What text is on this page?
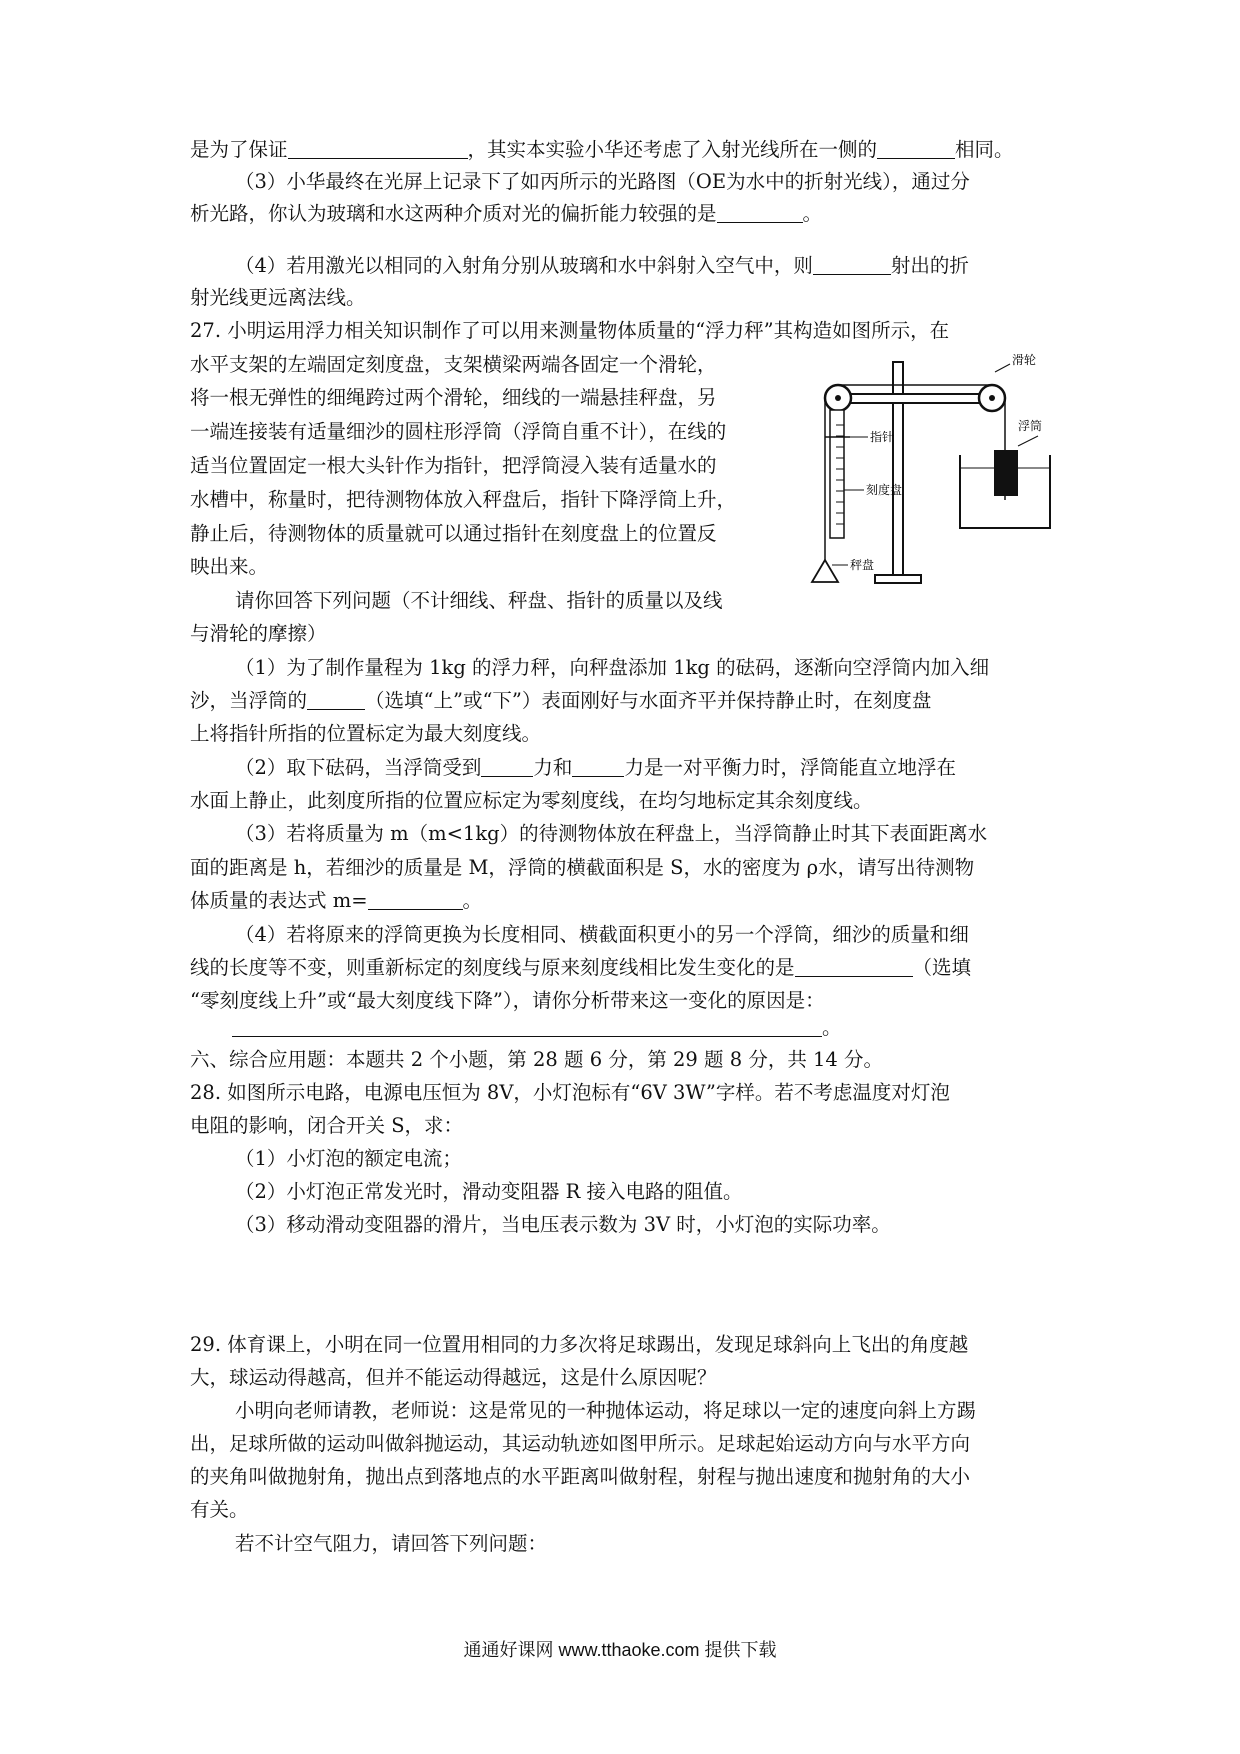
是为了保证	，其实本实验小华还考虑了入射光线所在一侧的	相同。
（3）小华最终在光屏上记录下了如丙所示的光路图（OE为水中的折射光线），通过分
析光路，你认为玻璃和水这两种介质对光的偏折能力较强的是	。
（4）若用激光以相同的入射角分别从玻璃和水中斜射入空气中，则	射出的折
射光线更远离法线。
27. 小明运用浮力相关知识制作了可以用来测量物体质量的“浮力秤”其构造如图所示，在
水平支架的左端固定刻度盘，支架横梁两端各固定一个滑轮，
将一根无弹性的细绳跨过两个滑轮，细线的一端悬挂秤盘，另
一端连接装有适量细沙的圆柱形浮筒（浮筒自重不计），在线的
适当位置固定一根大头针作为指针，把浮筒浸入装有适量水的
水槽中，称量时，把待测物体放入秤盘后，指针下降浮筒上升，
静止后，待测物体的质量就可以通过指针在刻度盘上的位置反
映出来。
请你回答下列问题（不计细线、秤盘、指针的质量以及线
与滑轮的摩擦）
滑轮
指针
刻度盘
秤盘
浮筒
（1）为了制作量程为 1kg 的浮力秤，向秤盘添加 1kg 的砝码，逐渐向空浮筒内加入细
沙，当浮筒的	（选填“上”或“下”）表面刚好与水面齐平并保持静止时，在刻度盘
上将指针所指的位置标定为最大刻度线。
（2）取下砝码，当浮筒受到	力和	力是一对平衡力时，浮筒能直立地浮在
水面上静止，此刻度所指的位置应标定为零刻度线，在均匀地标定其余刻度线。
（3）若将质量为 m（m<1kg）的待测物体放在秤盘上，当浮筒静止时其下表面距离水
面的距离是 h，若细沙的质量是 M，浮筒的横截面积是 S，水的密度为 ρ水，请写出待测物
体质量的表达式 m=	。
（4）若将原来的浮筒更换为长度相同、横截面积更小的另一个浮筒，细沙的质量和细
线的长度等不变，则重新标定的刻度线与原来刻度线相比发生变化的是	（选填
“零刻度线上升”或“最大刻度线下降”），请你分析带来这一变化的原因是：
。
六、综合应用题：本题共 2 个小题，第 28 题 6 分，第 29 题 8 分，共 14 分。
28. 如图所示电路，电源电压恒为 8V，小灯泡标有“6V 3W”字样。若不考虑温度对灯泡
电阻的影响，闭合开关 S，求：
（1）小灯泡的额定电流；
（2）小灯泡正常发光时，滑动变阻器 R 接入电路的阻值。
（3）移动滑动变阻器的滑片，当电压表示数为 3V 时，小灯泡的实际功率。
29. 体育课上，小明在同一位置用相同的力多次将足球踢出，发现足球斜向上飞出的角度越
大，球运动得越高，但并不能运动得越远，这是什么原因呢？
小明向老师请教，老师说：这是常见的一种抛体运动，将足球以一定的速度向斜上方踢
出，足球所做的运动叫做斜抛运动，其运动轨迹如图甲所示。足球起始运动方向与水平方向
的夹角叫做抛射角，抛出点到落地点的水平距离叫做射程，射程与抛出速度和抛射角的大小
有关。
若不计空气阻力，请回答下列问题：
通通好课网 www.tthaoke.com 提供下载
